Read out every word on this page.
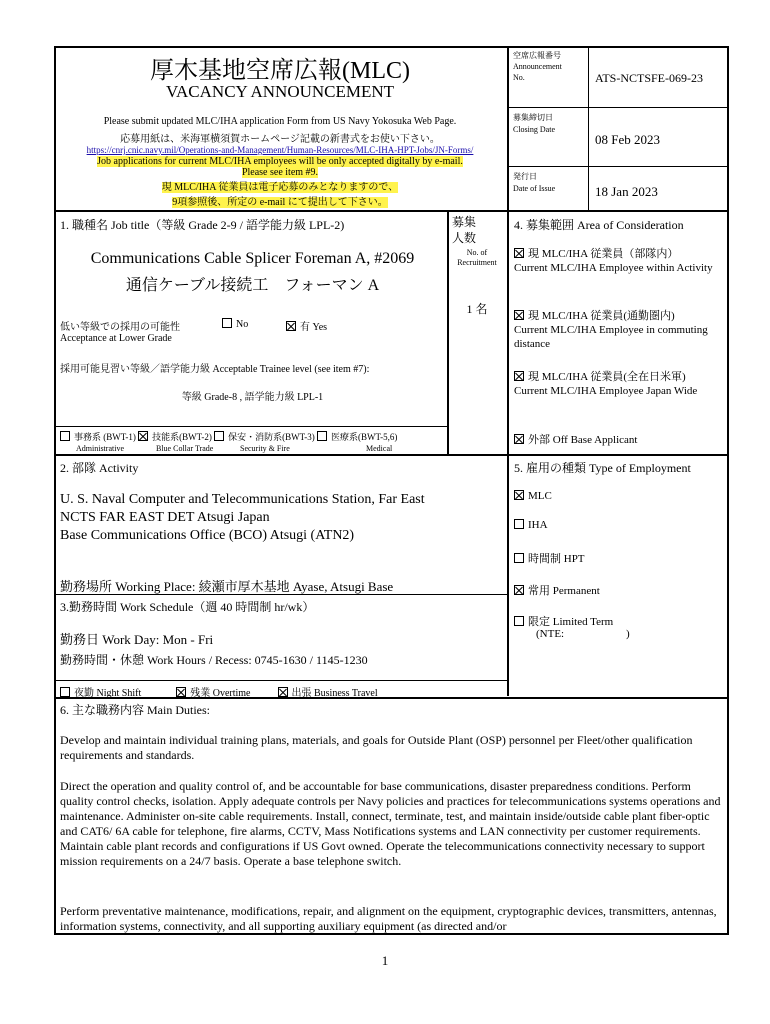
厚木基地空席広報(MLC)
VACANCY ANNOUNCEMENT
Please submit updated MLC/IHA application Form from US Navy Yokosuka Web Page.
応募用紙は、米海軍横須賀ホームページ記載の新書式をお使い下さい。
https://cnrj.cnic.navy.mil/Operations-and-Management/Human-Resources/MLC-IHA-HPT-Jobs/JN-Forms/
Job applications for current MLC/IHA employees will be only accepted digitally by e-mail.
Please see item #9.
現 MLC/IHA 従業員は電子応募のみとなりますので、
9項参照後、所定の e-mail にて提出して下さい。
空席広報番号
Announcement
No.	ATS-NCTSFE-069-23
募集締切日
Closing Date
08 Feb 2023
発行日
Date of Issue	18 Jan 2023
1. 職種名 Job title（等級 Grade 2-9 / 語学能力級 LPL-2)
Communications Cable Splicer Foreman A, #2069
通信ケーブル接続工　フォーマン A
低い等級での採用の可能性
Acceptance at Lower Grade
No	有 Yes
採用可能見習い等級／語学能力級 Acceptable Trainee level (see item #7):
等級 Grade-8 , 語学能力級 LPL-1
事務系 (BWT-1) 技能系(BWT-2) 保安・消防系(BWT-3) 医療系(BWT-5,6)
Administrative	Blue Collar Trade	Security & Fire	Medical
募集人数
No. of
Recruitment
1 名
4. 募集範囲 Area of Consideration
現 MLC/IHA 従業員（部隊内）
Current MLC/IHA Employee within Activity
現 MLC/IHA 従業員(通勤圏内)
Current MLC/IHA Employee in commuting distance
現 MLC/IHA 従業員(全在日米軍)
Current MLC/IHA Employee Japan Wide
外部 Off Base Applicant
2. 部隊 Activity
U. S. Naval Computer and Telecommunications Station, Far East
NCTS FAR EAST DET Atsugi Japan
Base Communications Office (BCO) Atsugi (ATN2)
勤務場所 Working Place: 綾瀬市厚木基地 Ayase, Atsugi Base
5. 雇用の種類 Type of Employment
MLC
IHA
時間制 HPT
常用 Permanent
限定 Limited Term
(NTE:	)
3.勤務時間 Work Schedule（週 40 時間制 hr/wk）
勤務日 Work Day: Mon - Fri
勤務時間・休憩 Work Hours / Recess: 0745-1630 / 1145-1230
夜勤 Night Shift	残業 Overtime	出張 Business Travel
6. 主な職務内容 Main Duties:
Develop and maintain individual training plans, materials, and goals for Outside Plant (OSP) personnel per Fleet/other qualification requirements and standards.
Direct the operation and quality control of, and be accountable for base communications, disaster preparedness conditions. Perform quality control checks, isolation. Apply adequate controls per Navy policies and practices for telecommunications systems operations and maintenance. Administer on-site cable requirements. Install, connect, terminate, test, and maintain inside/outside cable plant fiber-optic and CAT6/ 6A cable for telephone, fire alarms, CCTV, Mass Notifications systems and LAN connectivity per customer requirements. Maintain cable plant records and configurations if US Govt owned. Operate the telecommunications connectivity necessary to support mission requirements on a 24/7 basis. Operate a base telephone switch.
Perform preventative maintenance, modifications, repair, and alignment on the equipment, cryptographic devices, transmitters, antennas, information systems, connectivity, and all supporting auxiliary equipment (as directed and/or
1
